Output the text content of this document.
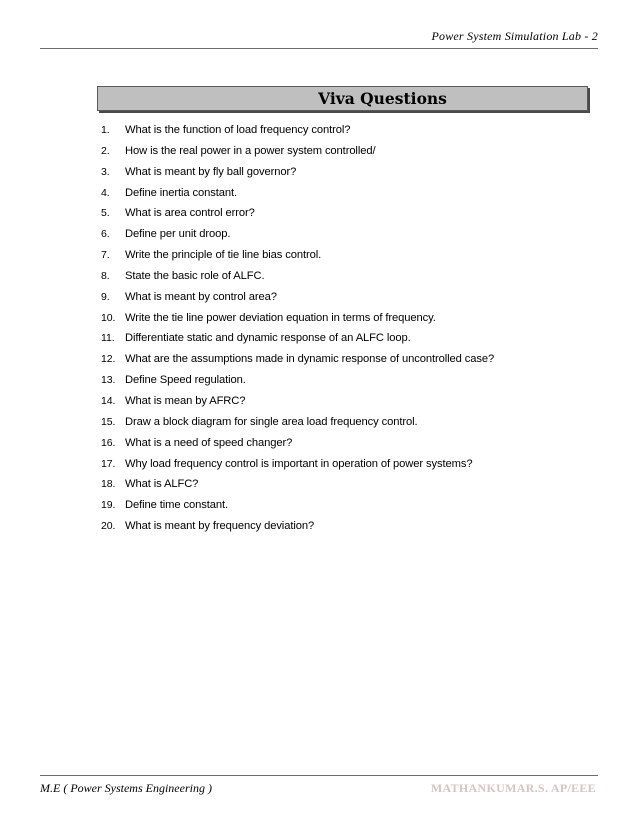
Power System Simulation Lab - 2
Viva Questions
1.	What is the function of load frequency control?
2.	How is the real power in a power system controlled/
3.	What is meant by fly ball governor?
4.	Define inertia constant.
5.	What is area control error?
6.	Define per unit droop.
7.	Write the principle of tie line bias control.
8.	State the basic role of ALFC.
9.	What is meant by control area?
10. Write the tie line power deviation equation in terms of frequency.
11. Differentiate static and dynamic response of an ALFC loop.
12. What are the assumptions made in dynamic response of uncontrolled case?
13. Define Speed regulation.
14. What is mean by AFRC?
15. Draw a block diagram for single area load frequency control.
16. What is a need of speed changer?
17. Why load frequency control is important in operation of power systems?
18. What is ALFC?
19. Define time constant.
20. What is meant by frequency deviation?
M.E ( Power Systems Engineering )	MATHANKUMAR.S. AP/EEE
